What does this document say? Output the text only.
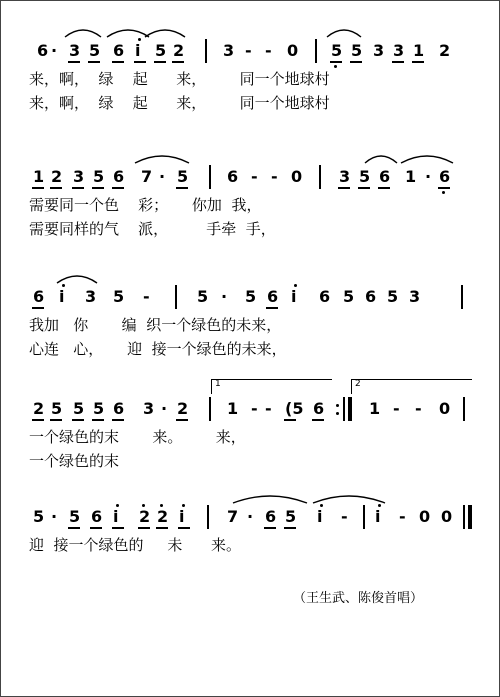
6 · 3 5 6 i 5 2 3 - - 0 5 5 3 3 1 2
来，啊，  绿    起      来，       同一个地球村
来，啊，  绿    起      来，       同一个地球村
1 2 3 5 6 7 · 5 6 - - 0 3 5 6 1 · 6
需要同一个色    彩；     你加  我，
需要同样的气    派，        手牵  手，
6 i 3 5 -	5 · 5 6 i 6 5 6 5 3
我加   你       编  织一个绿色的未来，
心连   心，     迎  接一个绿色的未来，
2 5 5 5 6 3 · 2 1 - - (5 6	1 - - 0
一个绿色的末       来。       来，
一个绿色的末
5 · 5 6 i 2 2 i	7 · 6 5 i - i - 0 0
迎  接一个绿色的     未      来。
1	2
（王生武、陈俊首唱）
